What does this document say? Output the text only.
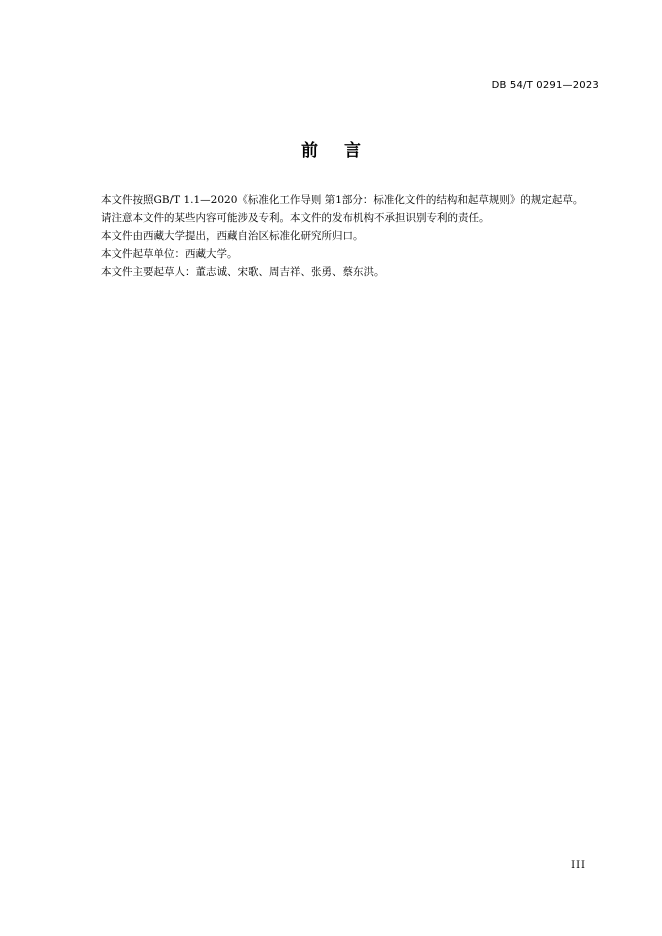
DB 54/T 0291—2023
前言

本文件按照GB/T 1.1—2020《标准化工作导则 第1部分：标准化文件的结构和起草规则》的规定起草。

请注意本文件的某些内容可能涉及专利。本文件的发布机构不承担识别专利的责任。

本文件由西藏大学提出，西藏自治区标准化研究所归口。

本文件起草单位：西藏大学。

本文件主要起草人：董志诚、宋歌、周吉祥、张勇、蔡东洪。

III
